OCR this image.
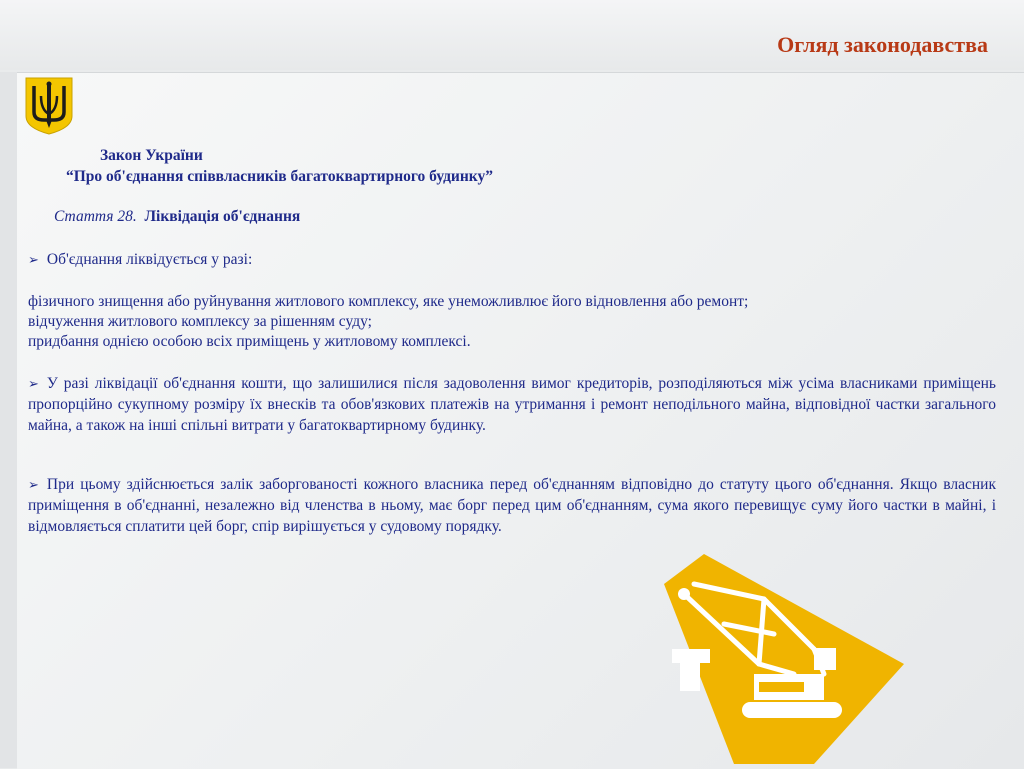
Огляд законодавства
Закон України
“Про об'єднання співвласників багатоквартирного будинку”
Стаття 28. Ліквідація об'єднання
➢ Об'єднання ліквідується у разі:
фізичного знищення або руйнування житлового комплексу, яке унеможливлює його відновлення або ремонт;
відчуження житлового комплексу за рішенням суду;
придбання однією особою всіх приміщень у житловому комплексі.
➢ У разі ліквідації об'єднання кошти, що залишилися після задоволення вимог кредиторів, розподіляються між усіма власниками приміщень пропорційно сукупному розміру їх внесків та обов'язкових платежів на утримання і ремонт неподільного майна, відповідної частки загального майна, а також на інші спільні витрати у багатоквартирному будинку.
➢ При цьому здійснюється залік заборгованості кожного власника перед об'єднанням відповідно до статуту цього об'єднання. Якщо власник приміщення в об'єднанні, незалежно від членства в ньому, має борг перед цим об'єднанням, сума якого перевищує суму його частки в майні, і відмовляється сплатити цей борг, спір вирішується у судовому порядку.
